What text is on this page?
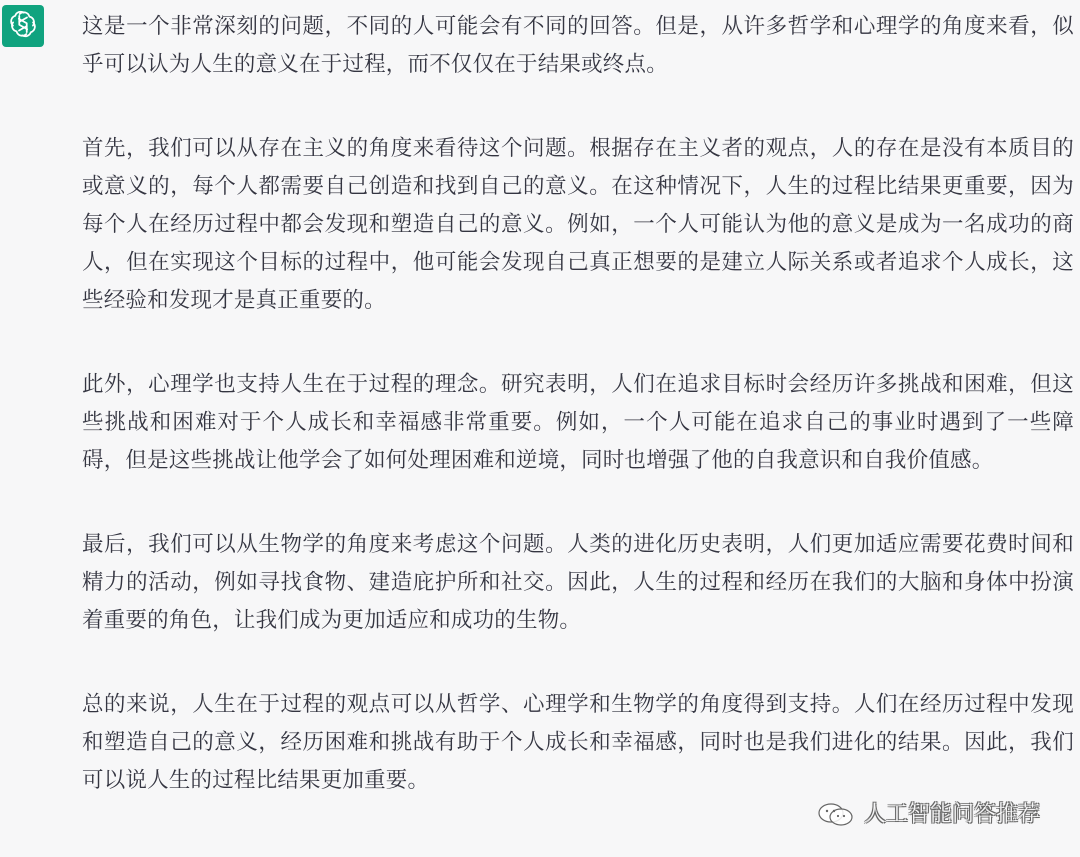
这是一个非常深刻的问题，不同的人可能会有不同的回答。但是，从许多哲学和心理学的角度来看，似乎可以认为人生的意义在于过程，而不仅仅在于结果或终点。

首先，我们可以从存在主义的角度来看待这个问题。根据存在主义者的观点，人的存在是没有本质目的或意义的，每个人都需要自己创造和找到自己的意义。在这种情况下，人生的过程比结果更重要，因为每个人在经历过程中都会发现和塑造自己的意义。例如，一个人可能认为他的意义是成为一名成功的商人，但在实现这个目标的过程中，他可能会发现自己真正想要的是建立人际关系或者追求个人成长，这些经验和发现才是真正重要的。

此外，心理学也支持人生在于过程的理念。研究表明，人们在追求目标时会经历许多挑战和困难，但这些挑战和困难对于个人成长和幸福感非常重要。例如，一个人可能在追求自己的事业时遇到了一些障碍，但是这些挑战让他学会了如何处理困难和逆境，同时也增强了他的自我意识和自我价值感。

最后，我们可以从生物学的角度来考虑这个问题。人类的进化历史表明，人们更加适应需要花费时间和精力的活动，例如寻找食物、建造庇护所和社交。因此，人生的过程和经历在我们的大脑和身体中扮演着重要的角色，让我们成为更加适应和成功的生物。

总的来说，人生在于过程的观点可以从哲学、心理学和生物学的角度得到支持。人们在经历过程中发现和塑造自己的意义，经历困难和挑战有助于个人成长和幸福感，同时也是我们进化的结果。因此，我们可以说人生的过程比结果更加重要。

人工智能问答推荐
